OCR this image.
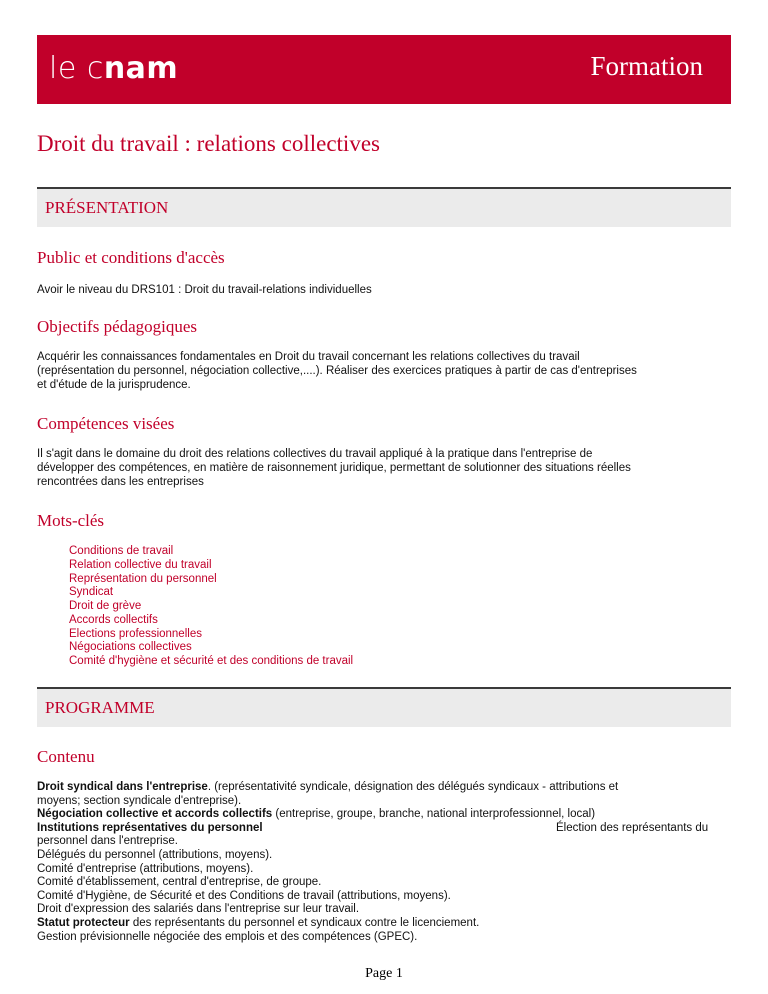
le cnam	Formation
Droit du travail : relations collectives
PRÉSENTATION
Public et conditions d'accès

Avoir le niveau du DRS101 : Droit du travail-relations individuelles

Objectifs pédagogiques

Acquérir les connaissances fondamentales en Droit du travail concernant les relations collectives du travail

(représentation du personnel, négociation collective,....). Réaliser des exercices pratiques à partir de cas d'entreprises

et d'étude de la jurisprudence.

Compétences visées

Il s'agit dans le domaine du droit des relations collectives du travail appliqué à la pratique dans l'entreprise de

développer des compétences, en matière de raisonnement juridique, permettant de solutionner des situations réelles

rencontrées dans les entreprises

Mots-clés
Conditions de travail
Relation collective du travail
Représentation du personnel
Syndicat
Droit de grève
Accords collectifs
Elections professionnelles
Négociations collectives
Comité d'hygiène et sécurité et des conditions de travail
PROGRAMME
Contenu
Droit syndical dans l'entreprise. (représentativité syndicale, désignation des délégués syndicaux - attributions et
moyens; section syndicale d'entreprise).
Négociation collective et accords collectifs (entreprise, groupe, branche, national interprofessionnel, local)
Institutions représentatives du personnel	Élection des représentants du
personnel dans l'entreprise.
Délégués du personnel (attributions, moyens).
Comité d'entreprise (attributions, moyens).
Comité d'établissement, central d'entreprise, de groupe.
Comité d'Hygiène, de Sécurité et des Conditions de travail (attributions, moyens).
Droit d'expression des salariés dans l'entreprise sur leur travail.
Statut protecteur des représentants du personnel et syndicaux contre le licenciement.
Gestion prévisionnelle négociée des emplois et des compétences (GPEC).
Page 1
